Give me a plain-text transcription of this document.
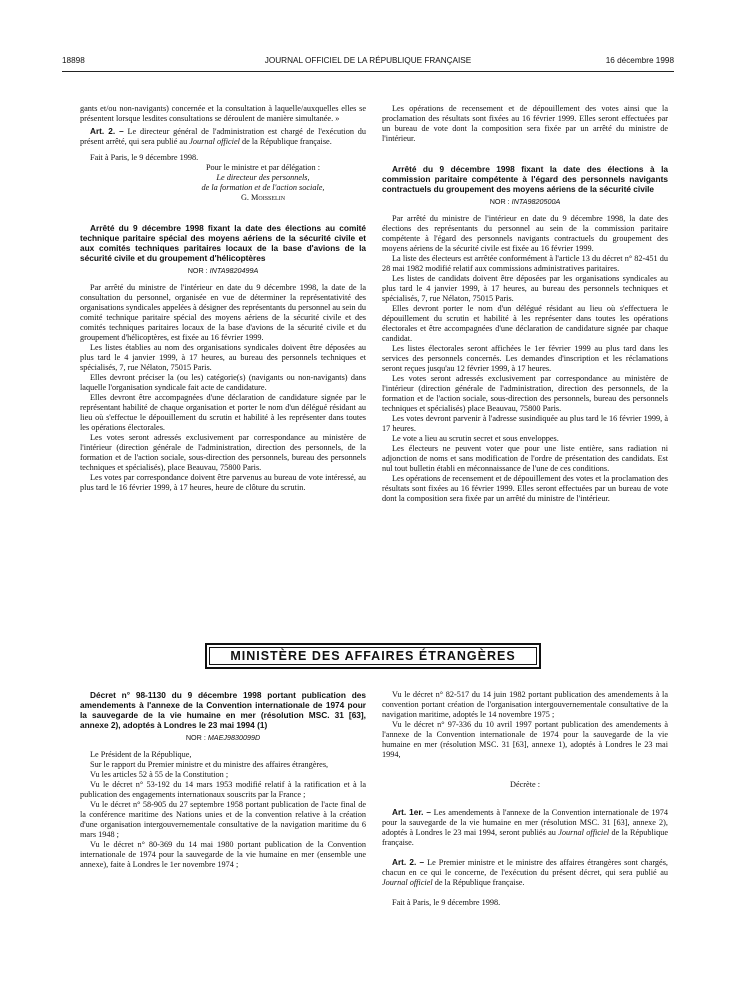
18898	JOURNAL OFFICIEL DE LA RÉPUBLIQUE FRANÇAISE	16 décembre 1998

gants et/ou non-navigants) concernée et la consultation à laquelle/auxquelles elles se présentent lorsque lesdites consultations se déroulent de manière simultanée. »

Art. 2. – Le directeur général de l'administration est chargé de l'exécution du présent arrêté, qui sera publié au Journal officiel de la République française.

Fait à Paris, le 9 décembre 1998.

Pour le ministre et par délégation :
Le directeur des personnels,
de la formation et de l'action sociale,
G. Moisselin

Arrêté du 9 décembre 1998 fixant la date des élections au comité technique paritaire spécial des moyens aériens de la sécurité civile et aux comités techniques paritaires locaux de la base d'avions de la sécurité civile et du groupement d'hélicoptères

NOR : INTA9820499A

Par arrêté du ministre de l'intérieur en date du 9 décembre 1998, la date de la consultation du personnel, organisée en vue de déterminer la représentativité des organisations syndicales appelées à désigner des représentants du personnel au sein du comité technique paritaire spécial des moyens aériens de la sécurité civile et des comités techniques paritaires locaux de la base d'avions de la sécurité civile et du groupement d'hélicoptères, est fixée au 16 février 1999.

Les listes établies au nom des organisations syndicales doivent être déposées au plus tard le 4 janvier 1999, à 17 heures, au bureau des personnels techniques et spécialisés, 7, rue Nélaton, 75015 Paris.

Elles devront préciser la (ou les) catégorie(s) (navigants ou non-navigants) dans laquelle l'organisation syndicale fait acte de candidature.

Elles devront être accompagnées d'une déclaration de candidature signée par le représentant habilité de chaque organisation et porter le nom d'un délégué résidant au lieu où s'effectue le dépouillement du scrutin et habilité à les représenter dans toutes les opérations électorales.

Les votes seront adressés exclusivement par correspondance au ministère de l'intérieur (direction générale de l'administration, direction des personnels, de la formation et de l'action sociale, sous-direction des personnels, bureau des personnels techniques et spécialisés), place Beauvau, 75800 Paris.

Les votes par correspondance doivent être parvenus au bureau de vote intéressé, au plus tard le 16 février 1999, à 17 heures, heure de clôture du scrutin.

Les opérations de recensement et de dépouillement des votes ainsi que la proclamation des résultats sont fixées au 16 février 1999. Elles seront effectuées par un bureau de vote dont la composition sera fixée par un arrêté du ministre de l'intérieur.

Arrêté du 9 décembre 1998 fixant la date des élections à la commission paritaire compétente à l'égard des personnels navigants contractuels du groupement des moyens aériens de la sécurité civile

NOR : INTA9820500A

Par arrêté du ministre de l'intérieur en date du 9 décembre 1998, la date des élections des représentants du personnel au sein de la commission paritaire compétente à l'égard des personnels navigants contractuels du groupement des moyens aériens de la sécurité civile est fixée au 16 février 1999.

La liste des électeurs est arrêtée conformément à l'article 13 du décret n° 82-451 du 28 mai 1982 modifié relatif aux commissions administratives paritaires.

Les listes de candidats doivent être déposées par les organisations syndicales au plus tard le 4 janvier 1999, à 17 heures, au bureau des personnels techniques et spécialisés, 7, rue Nélaton, 75015 Paris.

Elles devront porter le nom d'un délégué résidant au lieu où s'effectuera le dépouillement du scrutin et habilité à les représenter dans toutes les opérations électorales et être accompagnées d'une déclaration de candidature signée par chaque candidat.

Les listes électorales seront affichées le 1er février 1999 au plus tard dans les services des personnels concernés. Les demandes d'inscription et les réclamations seront reçues jusqu'au 12 février 1999, à 17 heures.

Les votes seront adressés exclusivement par correspondance au ministère de l'intérieur (direction générale de l'administration, direction des personnels, de la formation et de l'action sociale, sous-direction des personnels, bureau des personnels techniques et spécialisés) place Beauvau, 75800 Paris.

Les votes devront parvenir à l'adresse susindiquée au plus tard le 16 février 1999, à 17 heures.

Le vote a lieu au scrutin secret et sous enveloppes.

Les électeurs ne peuvent voter que pour une liste entière, sans radiation ni adjonction de noms et sans modification de l'ordre de présentation des candidats. Est nul tout bulletin établi en méconnaissance de l'une de ces conditions.

Les opérations de recensement et de dépouillement des votes et la proclamation des résultats sont fixées au 16 février 1999. Elles seront effectuées par un bureau de vote dont la composition sera fixée par un arrêté du ministre de l'intérieur.

MINISTÈRE DES AFFAIRES ÉTRANGÈRES

Décret n° 98-1130 du 9 décembre 1998 portant publication des amendements à l'annexe de la Convention internationale de 1974 pour la sauvegarde de la vie humaine en mer (résolution MSC. 31 [63], annexe 2), adoptés à Londres le 23 mai 1994 (1)

NOR : MAEJ9830099D

Le Président de la République,

Sur le rapport du Premier ministre et du ministre des affaires étrangères,

Vu les articles 52 à 55 de la Constitution ;

Vu le décret n° 53-192 du 14 mars 1953 modifié relatif à la ratification et à la publication des engagements internationaux souscrits par la France ;

Vu le décret n° 58-905 du 27 septembre 1958 portant publication de l'acte final de la conférence maritime des Nations unies et de la convention relative à la création d'une organisation intergouvernementale consultative de la navigation maritime du 6 mars 1948 ;

Vu le décret n° 80-369 du 14 mai 1980 portant publication de la Convention internationale de 1974 pour la sauvegarde de la vie humaine en mer (ensemble une annexe), faite à Londres le 1er novembre 1974 ;

Vu le décret n° 82-517 du 14 juin 1982 portant publication des amendements à la convention portant création de l'organisation intergouvernementale consultative de la navigation maritime, adoptés le 14 novembre 1975 ;

Vu le décret n° 97-336 du 10 avril 1997 portant publication des amendements à l'annexe de la Convention internationale de 1974 pour la sauvegarde de la vie humaine en mer (résolution MSC. 31 [63], annexe 1), adoptés à Londres le 23 mai 1994,

Décrète :

Art. 1er. – Les amendements à l'annexe de la Convention internationale de 1974 pour la sauvegarde de la vie humaine en mer (résolution MSC. 31 [63], annexe 2), adoptés à Londres le 23 mai 1994, seront publiés au Journal officiel de la République française.

Art. 2. – Le Premier ministre et le ministre des affaires étrangères sont chargés, chacun en ce qui le concerne, de l'exécution du présent décret, qui sera publié au Journal officiel de la République française.

Fait à Paris, le 9 décembre 1998.
